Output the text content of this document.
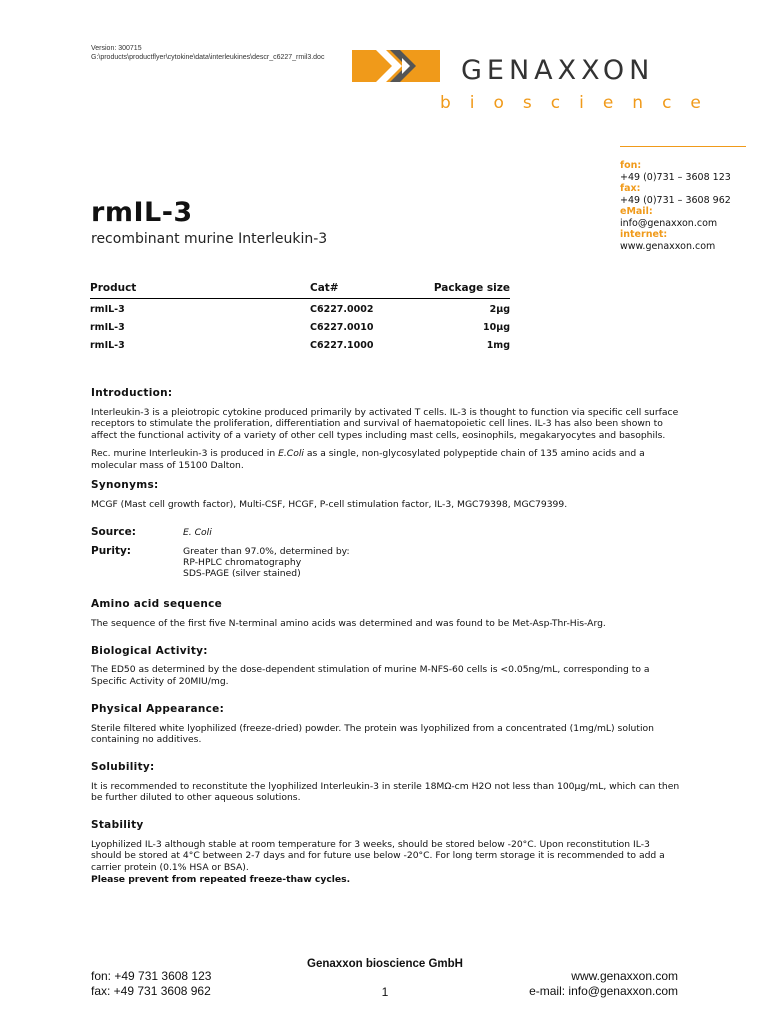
Version: 300715
G:\products\productflyer\cytokine\data\interleukines\descr_c6227_rmil3.doc	GENAXXON
bioscience
fon:
+49 (0)731 – 3608 123
fax:
+49 (0)731 – 3608 962
eMail:
info@genaxxon.com
internet:
www.genaxxon.com
rmIL-3
recombinant murine Interleukin-3
Product	Cat#	Package size
rmIL-3	C6227.0002	2µg
rmIL-3	C6227.0010	10µg
rmIL-3	C6227.1000	1mg
Introduction:
Interleukin-3 is a pleiotropic cytokine produced primarily by activated T cells. IL-3 is thought to function via specific cell surface receptors to stimulate the proliferation, differentiation and survival of haematopoietic cell lines. IL-3 has also been shown to affect the functional activity of a variety of other cell types including mast cells, eosinophils, megakaryocytes and basophils.
Rec. murine Interleukin-3 is produced in E.Coli as a single, non-glycosylated polypeptide chain of 135 amino acids and a molecular mass of 15100 Dalton.
Synonyms:
MCGF (Mast cell growth factor), Multi-CSF, HCGF, P-cell stimulation factor, IL-3, MGC79398, MGC79399.
Source:	E. Coli
Purity:	Greater than 97.0%, determined by:
RP-HPLC chromatography
SDS-PAGE (silver stained)
Amino acid sequence
The sequence of the first five N-terminal amino acids was determined and was found to be Met-Asp-Thr-His-Arg.
Biological Activity:
The ED50 as determined by the dose-dependent stimulation of murine M-NFS-60 cells is <0.05ng/mL, corresponding to a Specific Activity of 20MIU/mg.
Physical Appearance:
Sterile filtered white lyophilized (freeze-dried) powder. The protein was lyophilized from a concentrated (1mg/mL) solution containing no additives.
Solubility:
It is recommended to reconstitute the lyophilized Interleukin-3 in sterile 18MΩ-cm H2O not less than 100µg/mL, which can then be further diluted to other aqueous solutions.
Stability
Lyophilized IL-3 although stable at room temperature for 3 weeks, should be stored below -20°C. Upon reconstitution IL-3 should be stored at 4°C between 2-7 days and for future use below -20°C. For long term storage it is recommended to add a carrier protein (0.1% HSA or BSA).
Please prevent from repeated freeze-thaw cycles.
Genaxxon bioscience GmbH
fon: +49 731 3608 123
fax: +49 731 3608 962	1
www.genaxxon.com
e-mail: info@genaxxon.com
